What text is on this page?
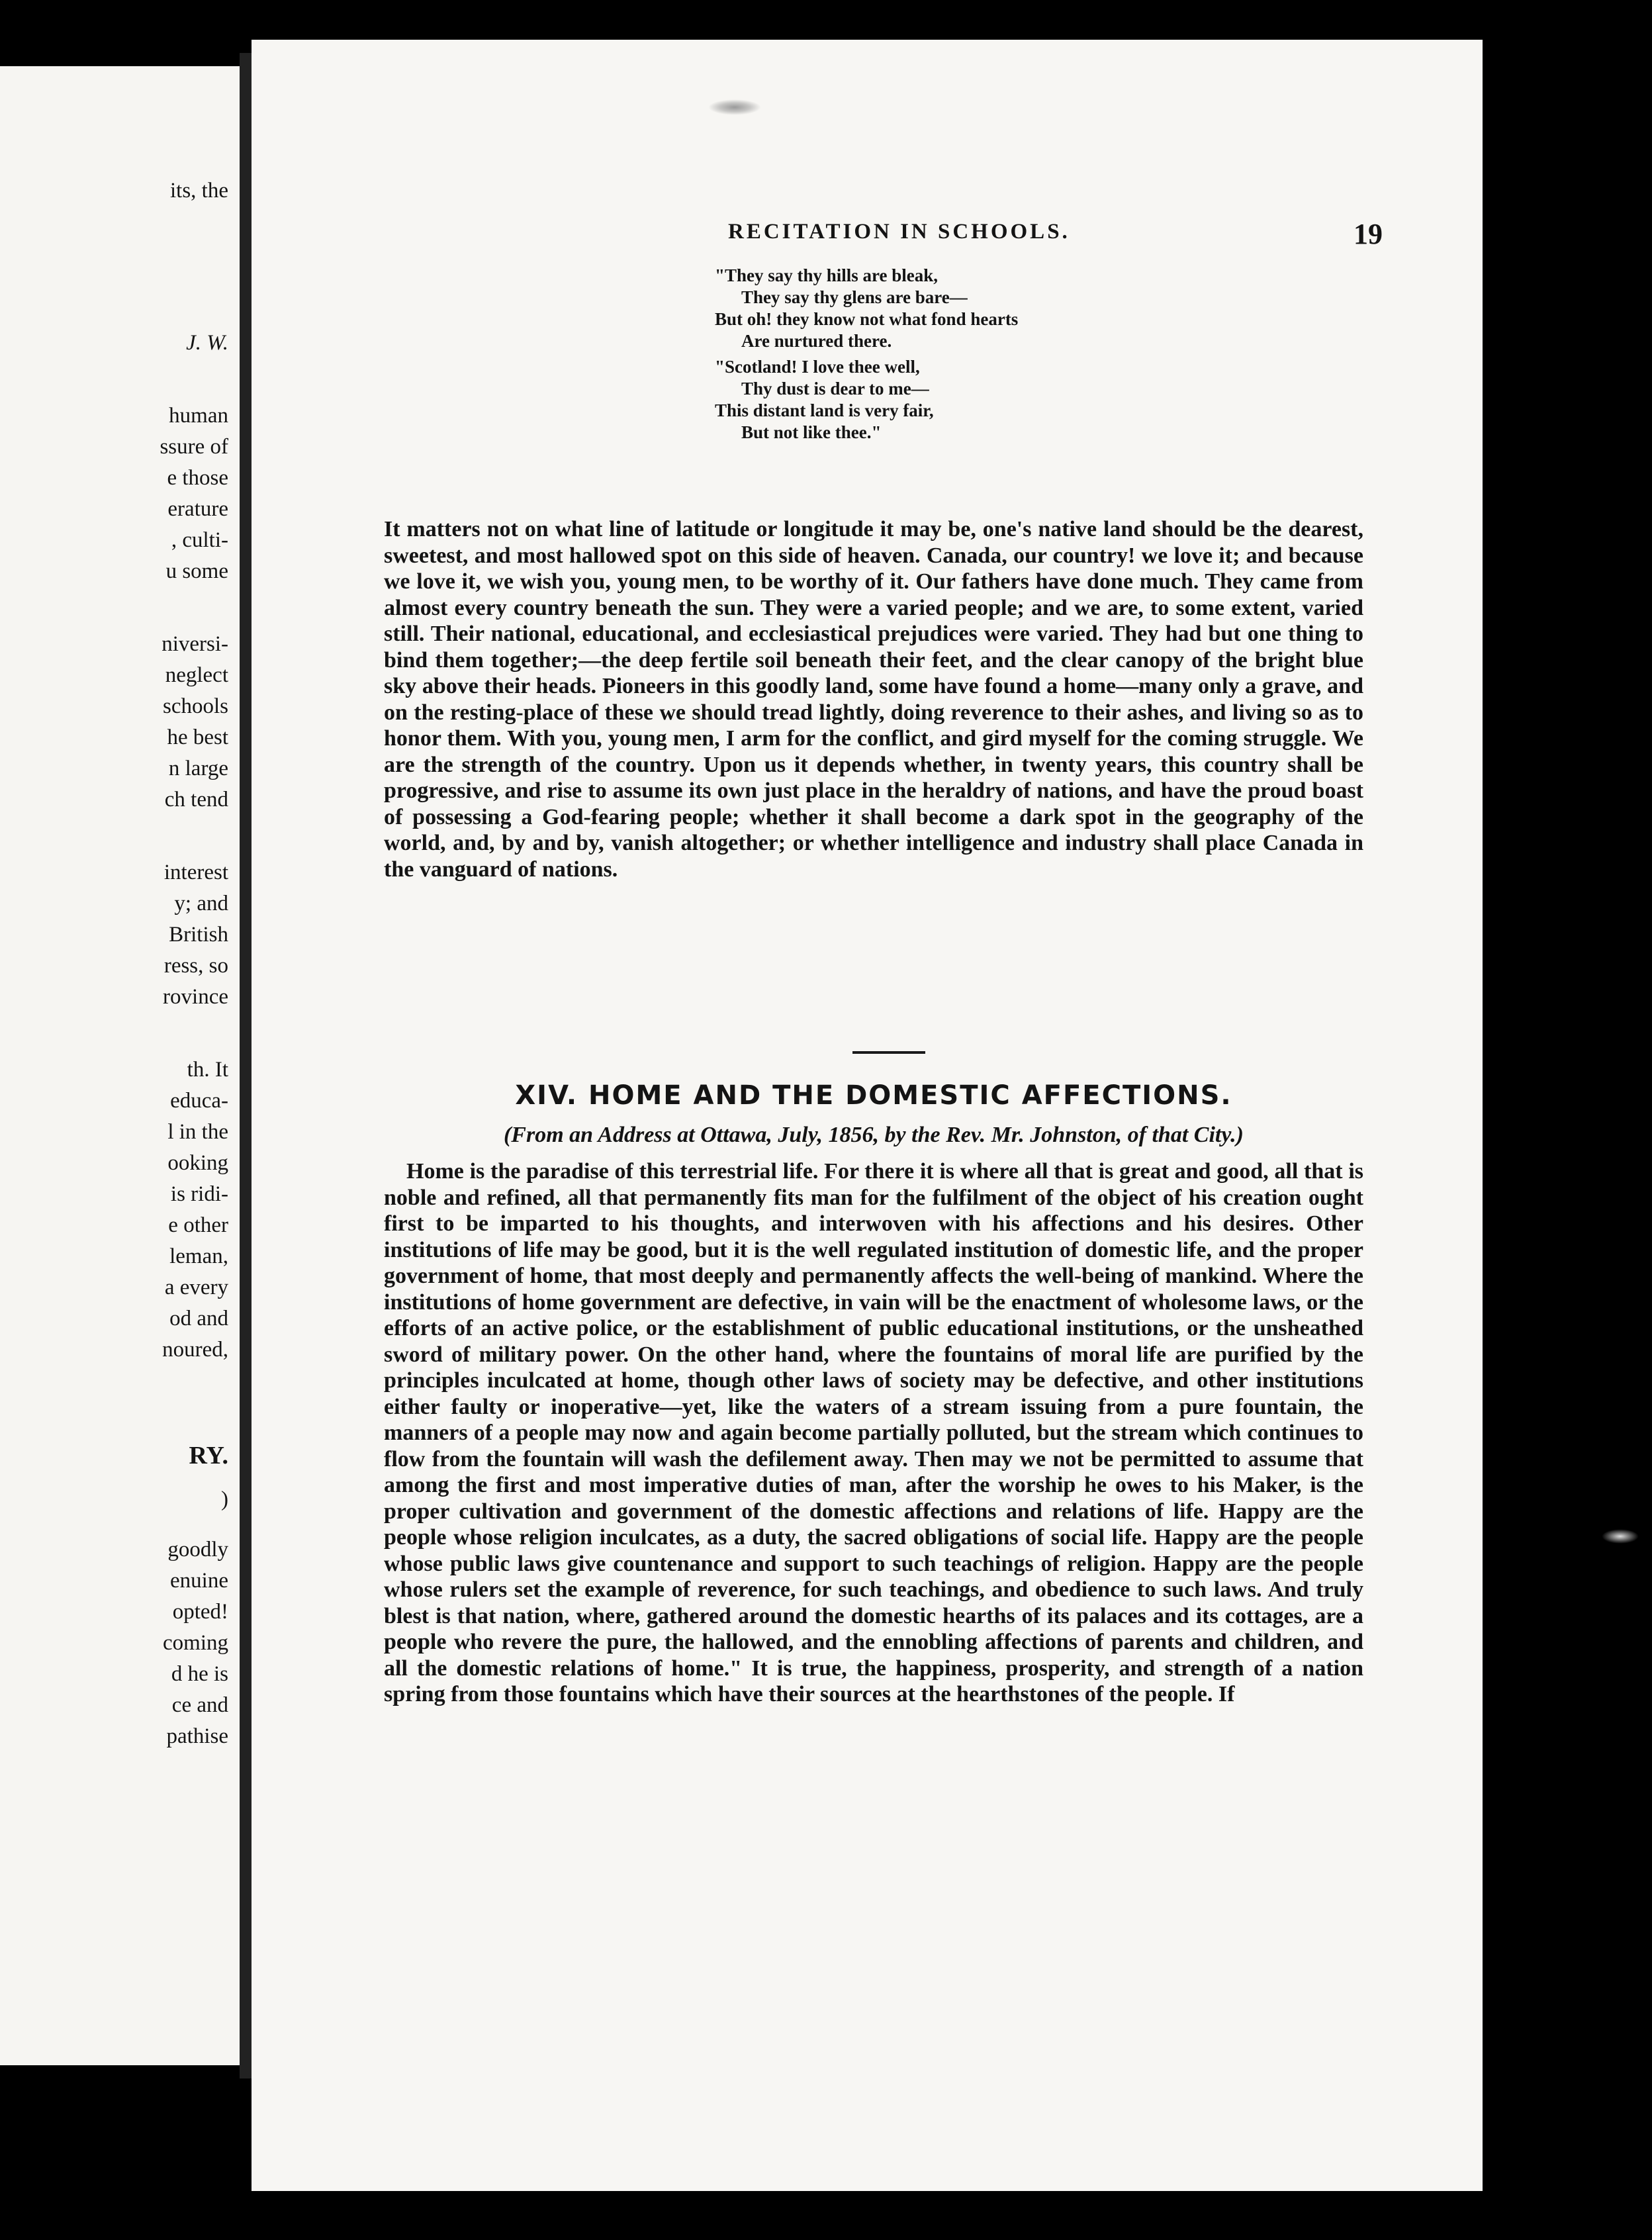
its, the
J. W.
human
ssure of
e those
erature
, culti-
u some
niversi-
neglect
schools
he best
n large
ch tend
interest
y; and
British
ress, so
rovince
th. It
educa-
l in the
ooking
is ridi-
e other
leman,
a every
od and
noured,
RY.
)
goodly
enuine
opted!
coming
d he is
ce and
pathise
RECITATION IN SCHOOLS.	19
"They say thy hills are bleak,
They say thy glens are bare—
But oh! they know not what fond hearts
Are nurtured there.
"Scotland! I love thee well,
Thy dust is dear to me—
This distant land is very fair,
But not like thee."
It matters not on what line of latitude or longitude it may be, one's native land should be the dearest, sweetest, and most hallowed spot on this side of heaven. Canada, our country! we love it; and because we love it, we wish you, young men, to be worthy of it. Our fathers have done much. They came from almost every country beneath the sun. They were a varied people; and we are, to some extent, varied still. Their national, educational, and ecclesiastical prejudices were varied. They had but one thing to bind them together;—the deep fertile soil beneath their feet, and the clear canopy of the bright blue sky above their heads. Pioneers in this goodly land, some have found a home—many only a grave, and on the resting-place of these we should tread lightly, doing reverence to their ashes, and living so as to honor them. With you, young men, I arm for the conflict, and gird myself for the coming struggle. We are the strength of the country. Upon us it depends whether, in twenty years, this country shall be progressive, and rise to assume its own just place in the heraldry of nations, and have the proud boast of possessing a God-fearing people; whether it shall become a dark spot in the geography of the world, and, by and by, vanish altogether; or whether intelligence and industry shall place Canada in the vanguard of nations.
XIV. HOME AND THE DOMESTIC AFFECTIONS.
(From an Address at Ottawa, July, 1856, by the Rev. Mr. Johnston, of that City.)
Home is the paradise of this terrestrial life. For there it is where all that is great and good, all that is noble and refined, all that permanently fits man for the fulfilment of the object of his creation ought first to be imparted to his thoughts, and interwoven with his affections and his desires. Other institutions of life may be good, but it is the well regulated institution of domestic life, and the proper government of home, that most deeply and permanently affects the well-being of mankind. Where the institutions of home government are defective, in vain will be the enactment of wholesome laws, or the efforts of an active police, or the establishment of public educational institutions, or the unsheathed sword of military power. On the other hand, where the fountains of moral life are purified by the principles inculcated at home, though other laws of society may be defective, and other institutions either faulty or inoperative—yet, like the waters of a stream issuing from a pure fountain, the manners of a people may now and again become partially polluted, but the stream which continues to flow from the fountain will wash the defilement away. Then may we not be permitted to assume that among the first and most imperative duties of man, after the worship he owes to his Maker, is the proper cultivation and government of the domestic affections and relations of life. Happy are the people whose religion inculcates, as a duty, the sacred obligations of social life. Happy are the people whose public laws give countenance and support to such teachings of religion. Happy are the people whose rulers set the example of reverence, for such teachings, and obedience to such laws. And truly blest is that nation, where, gathered around the domestic hearths of its palaces and its cottages, are a people who revere the pure, the hallowed, and the ennobling affections of parents and children, and all the domestic relations of home." It is true, the happiness, prosperity, and strength of a nation spring from those fountains which have their sources at the hearthstones of the people. If
